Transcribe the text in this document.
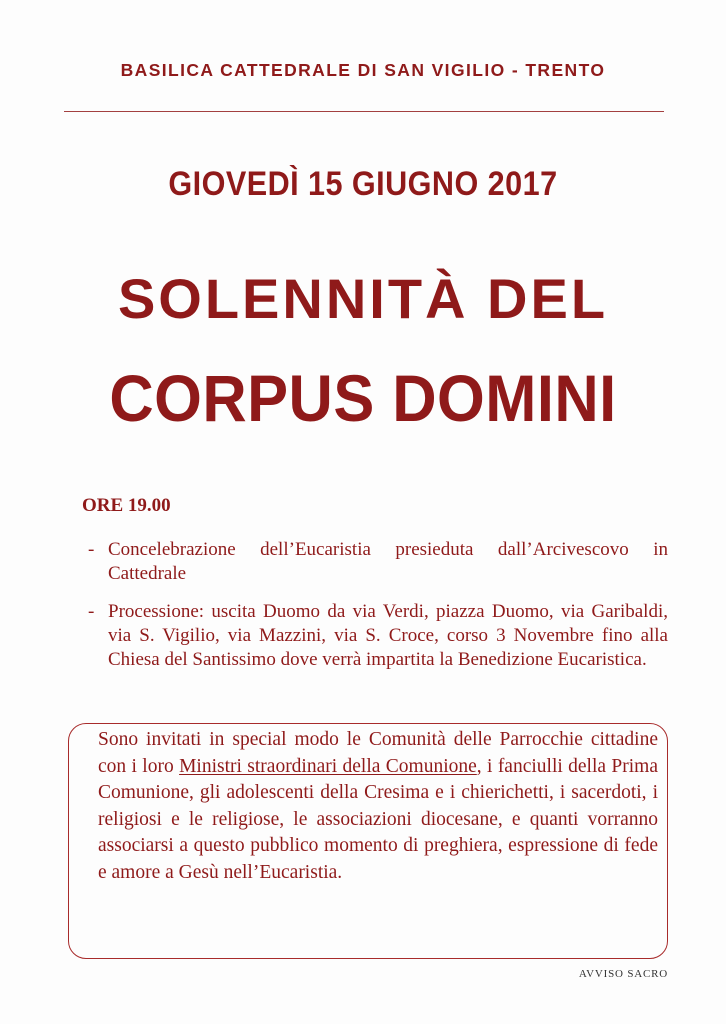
BASILICA CATTEDRALE DI SAN VIGILIO - TRENTO
GIOVEDÌ 15 GIUGNO 2017
SOLENNITÀ DEL
CORPUS DOMINI
ORE 19.00
- Concelebrazione dell’Eucaristia presieduta dall’Arcivescovo in Cattedrale
- Processione: uscita Duomo da via Verdi, piazza Duomo, via Garibaldi, via S. Vigilio, via Mazzini, via S. Croce, corso 3 Novembre fino alla Chiesa del Santissimo dove verrà impartita la Benedizione Eucaristica.
Sono invitati in special modo le Comunità delle Parrocchie cittadine con i loro Ministri straordinari della Comunione, i fanciulli della Prima Comunione, gli adolescenti della Cresima e i chierichetti, i sacerdoti, i religiosi e le religiose, le associazioni diocesane, e quanti vorranno associarsi a questo pubblico momento di preghiera, espressione di fede e amore a Gesù nell’Eucaristia.
AVVISO SACRO
